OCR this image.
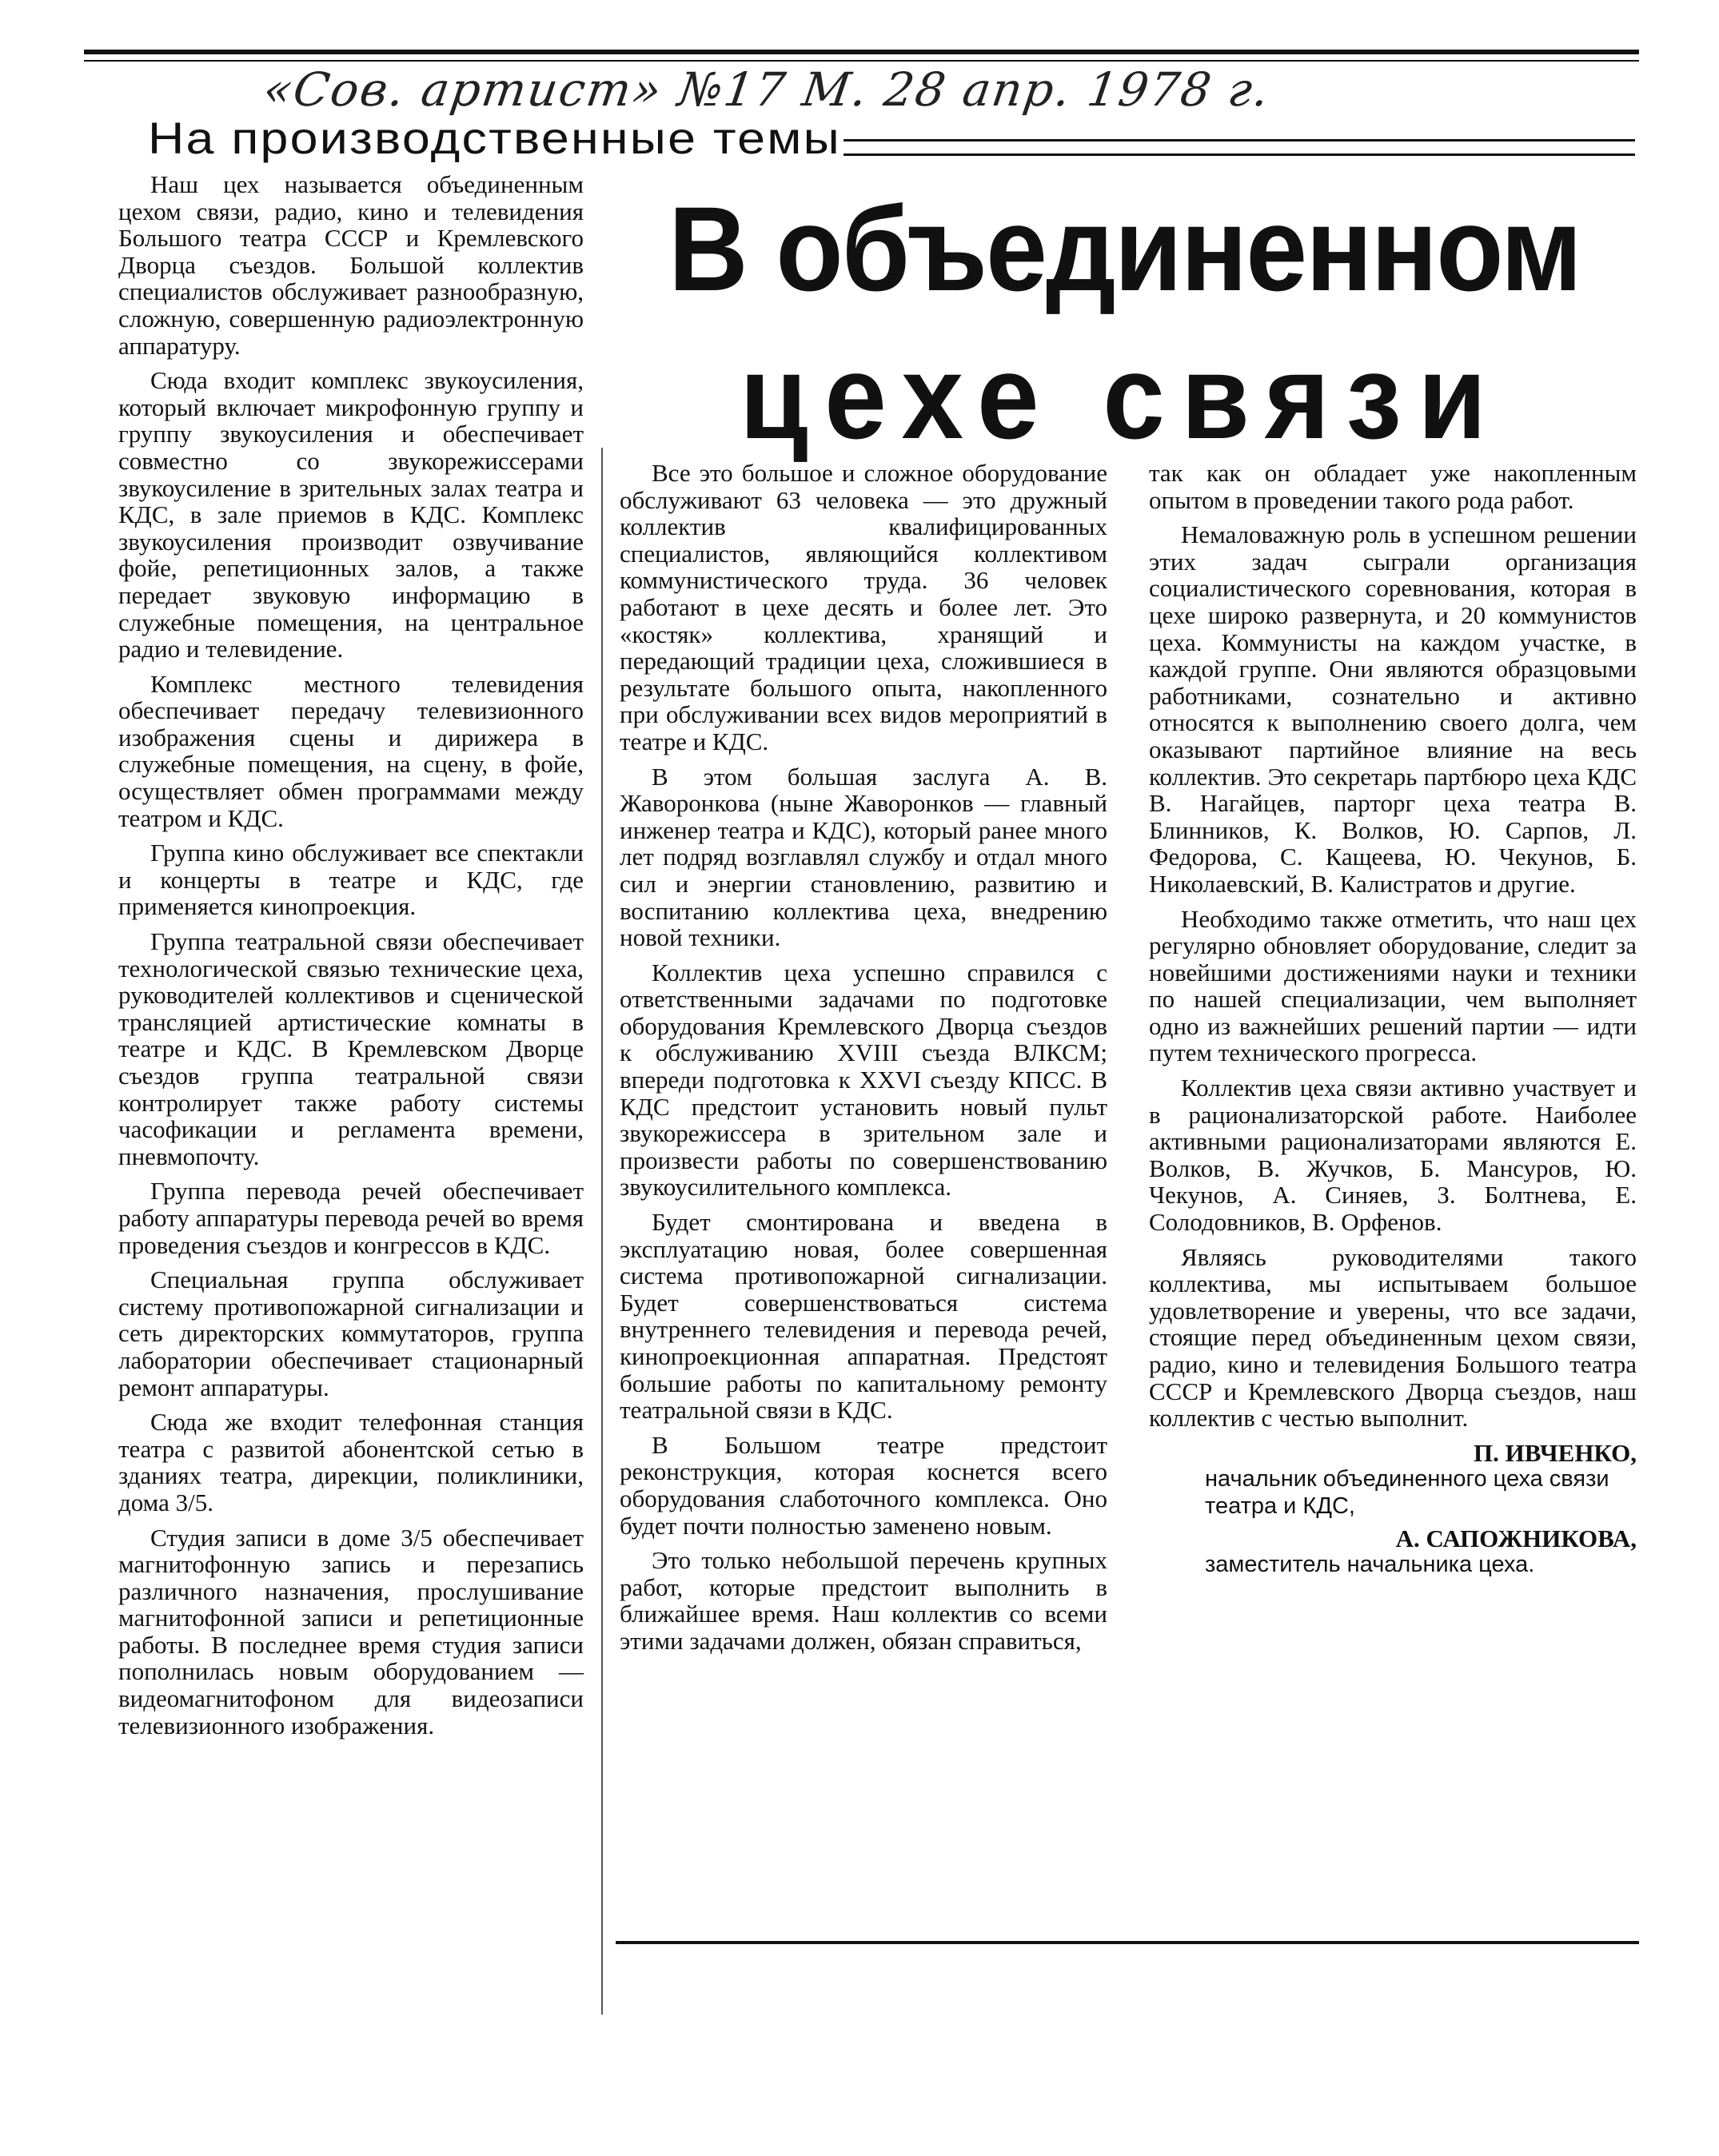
«Сов. артист» №17 М. 28 апр. 1978 г.
На производственные темы
В объединенном
цехе связи

Наш цех называется объединенным цехом связи, радио, кино и телевидения Большого театра СССР и Кремлевского Дворца съездов. Большой коллектив специалистов обслуживает разнообразную, сложную, совершенную радиоэлектронную аппаратуру.

Сюда входит комплекс звукоусиления, который включает микрофонную группу и группу звукоусиления и обеспечивает совместно со звукорежиссерами звукоусиление в зрительных залах театра и КДС, в зале приемов в КДС. Комплекс звукоусиления производит озвучивание фойе, репетиционных залов, а также передает звуковую информацию в служебные помещения, на центральное радио и телевидение.

Комплекс местного телевидения обеспечивает передачу телевизионного изображения сцены и дирижера в служебные помещения, на сцену, в фойе, осуществляет обмен программами между театром и КДС.

Группа кино обслуживает все спектакли и концерты в театре и КДС, где применяется кинопроекция.

Группа театральной связи обеспечивает технологической связью технические цеха, руководителей коллективов и сценической трансляцией артистические комнаты в театре и КДС. В Кремлевском Дворце съездов группа театральной связи контролирует также работу системы часофикации и регламента времени, пневмопочту.

Группа перевода речей обеспечивает работу аппаратуры перевода речей во время проведения съездов и конгрессов в КДС.

Специальная группа обслуживает систему противопожарной сигнализации и сеть директорских коммутаторов, группа лаборатории обеспечивает стационарный ремонт аппаратуры.

Сюда же входит телефонная станция театра с развитой абонентской сетью в зданиях театра, дирекции, поликлиники, дома 3/5.

Студия записи в доме 3/5 обеспечивает магнитофонную запись и перезапись различного назначения, прослушивание магнитофонной записи и репетиционные работы. В последнее время студия записи пополнилась новым оборудованием — видеомагнитофоном для видеозаписи телевизионного изображения.

Все это большое и сложное оборудование обслуживают 63 человека — это дружный коллектив квалифицированных специалистов, являющийся коллективом коммунистического труда. 36 человек работают в цехе десять и более лет. Это «костяк» коллектива, хранящий и передающий традиции цеха, сложившиеся в результате большого опыта, накопленного при обслуживании всех видов мероприятий в театре и КДС.

В этом большая заслуга А. В. Жаворонкова (ныне Жаворонков — главный инженер театра и КДС), который ранее много лет подряд возглавлял службу и отдал много сил и энергии становлению, развитию и воспитанию коллектива цеха, внедрению новой техники.

Коллектив цеха успешно справился с ответственными задачами по подготовке оборудования Кремлевского Дворца съездов к обслуживанию XVIII съезда ВЛКСМ; впереди подготовка к XXVI съезду КПСС. В КДС предстоит установить новый пульт звукорежиссера в зрительном зале и произвести работы по совершенствованию звукоусилительного комплекса.

Будет смонтирована и введена в эксплуатацию новая, более совершенная система противопожарной сигнализации. Будет совершенствоваться система внутреннего телевидения и перевода речей, кинопроекционная аппаратная. Предстоят большие работы по капитальному ремонту театральной связи в КДС.

В Большом театре предстоит реконструкция, которая коснется всего оборудования слаботочного комплекса. Оно будет почти полностью заменено новым.

Это только небольшой перечень крупных работ, которые предстоит выполнить в ближайшее время. Наш коллектив со всеми этими задачами должен, обязан справиться,

так как он обладает уже накопленным опытом в проведении такого рода работ.

Немаловажную роль в успешном решении этих задач сыграли организация социалистического соревнования, которая в цехе широко развернута, и 20 коммунистов цеха. Коммунисты на каждом участке, в каждой группе. Они являются образцовыми работниками, сознательно и активно относятся к выполнению своего долга, чем оказывают партийное влияние на весь коллектив. Это секретарь партбюро цеха КДС В. Нагайцев, парторг цеха театра В. Блинников, К. Волков, Ю. Сарпов, Л. Федорова, С. Кащеева, Ю. Чекунов, Б. Николаевский, В. Калистратов и другие.

Необходимо также отметить, что наш цех регулярно обновляет оборудование, следит за новейшими достижениями науки и техники по нашей специализации, чем выполняет одно из важнейших решений партии — идти путем технического прогресса.

Коллектив цеха связи активно участвует и в рационализаторской работе. Наиболее активными рационализаторами являются Е. Волков, В. Жучков, Б. Мансуров, Ю. Чекунов, А. Синяев, З. Болтнева, Е. Солодовников, В. Орфенов.

Являясь руководителями такого коллектива, мы испытываем большое удовлетворение и уверены, что все задачи, стоящие перед объединенным цехом связи, радио, кино и телевидения Большого театра СССР и Кремлевского Дворца съездов, наш коллектив с честью выполнит.

П. ИВЧЕНКО,

начальник объединенного цеха связи театра и КДС,

А. САПОЖНИКОВА,

заместитель начальника цеха.
